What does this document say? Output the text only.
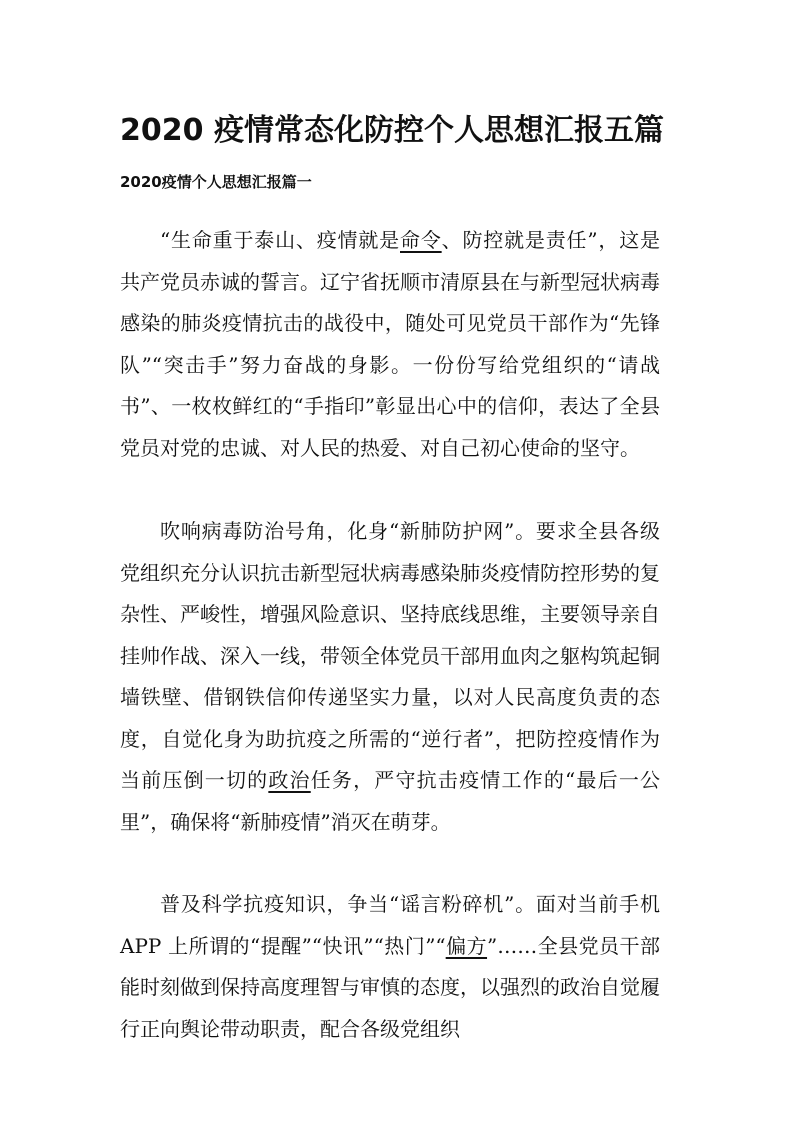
2020 疫情常态化防控个人思想汇报五篇
2020疫情个人思想汇报篇一

“生命重于泰山、疫情就是命令、防控就是责任”，这是共产党员赤诚的誓言。辽宁省抚顺市清原县在与新型冠状病毒感染的肺炎疫情抗击的战役中，随处可见党员干部作为“先锋队”“突击手”努力奋战的身影。一份份写给党组织的“请战书”、一枚枚鲜红的“手指印”彰显出心中的信仰，表达了全县党员对党的忠诚、对人民的热爱、对自己初心使命的坚守。

吹响病毒防治号角，化身“新肺防护网”。要求全县各级党组织充分认识抗击新型冠状病毒感染肺炎疫情防控形势的复杂性、严峻性，增强风险意识、坚持底线思维，主要领导亲自挂帅作战、深入一线，带领全体党员干部用血肉之躯构筑起铜墙铁壁、借钢铁信仰传递坚实力量，以对人民高度负责的态度，自觉化身为助抗疫之所需的“逆行者”，把防控疫情作为当前压倒一切的政治任务，严守抗击疫情工作的“最后一公里”，确保将“新肺疫情”消灭在萌芽。

普及科学抗疫知识，争当“谣言粉碎机”。面对当前手机 APP 上所谓的“提醒”“快讯”“热门”“偏方”……全县党员干部能时刻做到保持高度理智与审慎的态度，以强烈的政治自觉履行正向舆论带动职责，配合各级党组织
